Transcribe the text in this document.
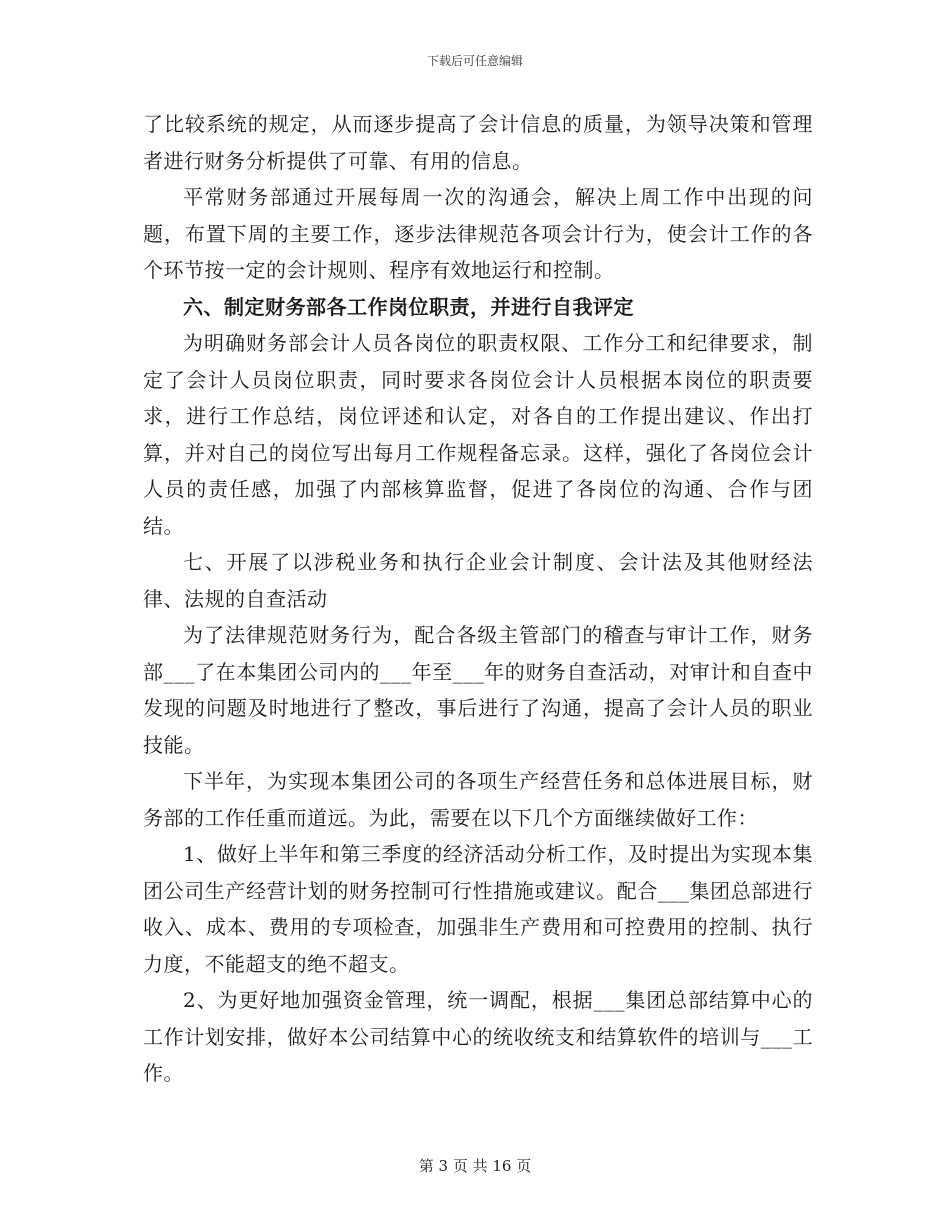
下载后可任意编辑

了比较系统的规定，从而逐步提高了会计信息的质量，为领导决策和管理者进行财务分析提供了可靠、有用的信息。

平常财务部通过开展每周一次的沟通会，解决上周工作中出现的问题，布置下周的主要工作，逐步法律规范各项会计行为，使会计工作的各个环节按一定的会计规则、程序有效地运行和控制。

六、制定财务部各工作岗位职责，并进行自我评定

为明确财务部会计人员各岗位的职责权限、工作分工和纪律要求，制定了会计人员岗位职责，同时要求各岗位会计人员根据本岗位的职责要求，进行工作总结，岗位评述和认定，对各自的工作提出建议、作出打算，并对自己的岗位写出每月工作规程备忘录。这样，强化了各岗位会计人员的责任感，加强了内部核算监督，促进了各岗位的沟通、合作与团结。

七、开展了以涉税业务和执行企业会计制度、会计法及其他财经法律、法规的自查活动

为了法律规范财务行为，配合各级主管部门的稽查与审计工作，财务部___了在本集团公司内的___年至___年的财务自查活动，对审计和自查中发现的问题及时地进行了整改，事后进行了沟通，提高了会计人员的职业技能。

下半年，为实现本集团公司的各项生产经营任务和总体进展目标，财务部的工作任重而道远。为此，需要在以下几个方面继续做好工作：

1、做好上半年和第三季度的经济活动分析工作，及时提出为实现本集团公司生产经营计划的财务控制可行性措施或建议。配合___集团总部进行收入、成本、费用的专项检查，加强非生产费用和可控费用的控制、执行力度，不能超支的绝不超支。

2、为更好地加强资金管理，统一调配，根据___集团总部结算中心的工作计划安排，做好本公司结算中心的统收统支和结算软件的培训与___工作。

第 3 页 共 16 页
